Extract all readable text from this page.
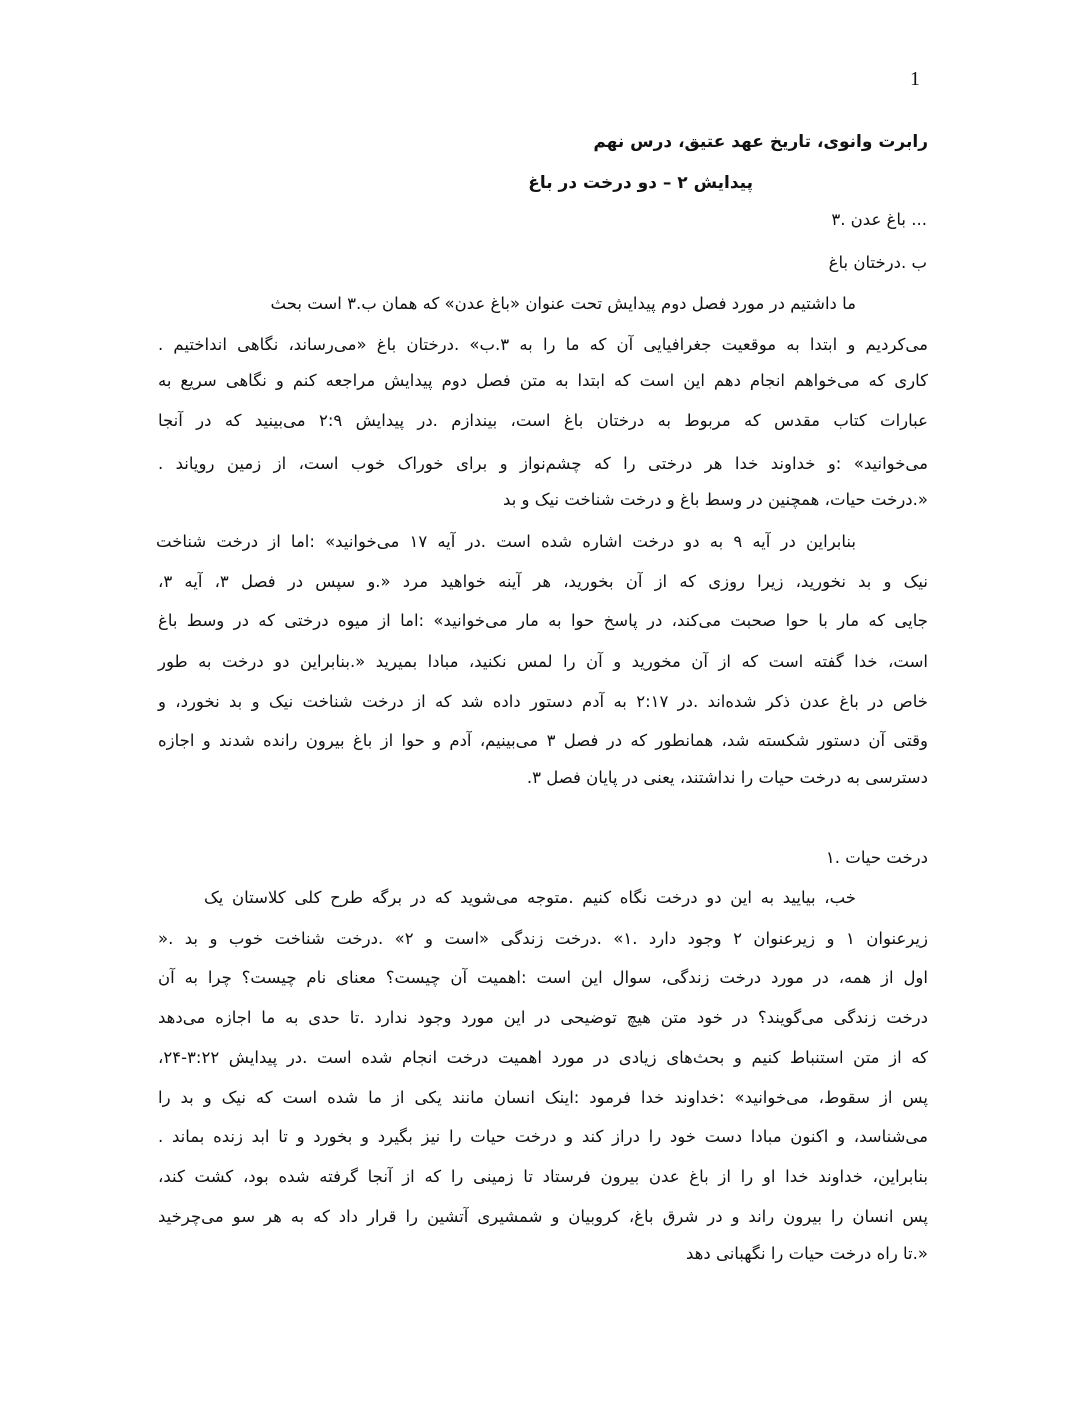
1
رابرت وانوی، تاریخ عهد عتیق، درس نهم
پیدایش ۲ – دو درخت در باغ
... باغ عدن .۳
ب .درختان باغ
ما داشتیم در مورد فصل دوم پیدایش تحت عنوان «باغ عدن» که همان ب.۳ است بحث
می‌کردیم و ابتدا به موقعیت جغرافیایی آن که ما را به ۳.ب» .درختان باغ «می‌رساند، نگاهی انداختیم .
کاری که می‌خواهم انجام دهم این است که ابتدا به متن فصل دوم پیدایش مراجعه کنم و نگاهی سریع به
عبارات کتاب مقدس که مربوط به درختان باغ است، بیندازم .در پیدایش ۲:۹ می‌بینید که در آنجا
می‌خوانید» :و خداوند خدا هر درختی را که چشم‌نواز و برای خوراک خوب است، از زمین رویاند .
«.درخت حیات، همچنین در وسط باغ و درخت شناخت نیک و بد
بنابراین در آیه ۹ به دو درخت اشاره شده است .در آیه ۱۷ می‌خوانید» :اما از درخت شناخت
نیک و بد نخورید، زیرا روزی که از آن بخورید، هر آینه خواهید مرد «.و سپس در فصل ۳، آیه ۳،
جایی که مار با حوا صحبت می‌کند، در پاسخ حوا به مار می‌خوانید» :اما از میوه درختی که در وسط باغ
است، خدا گفته است که از آن مخورید و آن را لمس نکنید، مبادا بمیرید «.بنابراین دو درخت به طور
خاص در باغ عدن ذکر شده‌اند .در ۲:۱۷ به آدم دستور داده شد که از درخت شناخت نیک و بد نخورد، و
وقتی آن دستور شکسته شد، همانطور که در فصل ۳ می‌بینیم، آدم و حوا از باغ بیرون رانده شدند و اجازه
دسترسی به درخت حیات را نداشتند، یعنی در پایان فصل ۳.
درخت حیات .۱
خب، بیایید به این دو درخت نگاه کنیم .متوجه می‌شوید که در برگه طرح کلی کلاستان یک
زیرعنوان ۱ و زیرعنوان ۲ وجود دارد .۱» .درخت زندگی «است و ۲» .درخت شناخت خوب و بد .«
اول از همه، در مورد درخت زندگی، سوال این است :اهمیت آن چیست؟ معنای نام چیست؟ چرا به آن
درخت زندگی می‌گویند؟ در خود متن هیچ توضیحی در این مورد وجود ندارد .تا حدی به ما اجازه می‌دهد
که از متن استنباط کنیم و بحث‌های زیادی در مورد اهمیت درخت انجام شده است .در پیدایش ۳:۲۲-۲۴،
پس از سقوط، می‌خوانید» :خداوند خدا فرمود :اینک انسان مانند یکی از ما شده است که نیک و بد را
می‌شناسد، و اکنون مبادا دست خود را دراز کند و درخت حیات را نیز بگیرد و بخورد و تا ابد زنده بماند .
بنابراین، خداوند خدا او را از باغ عدن بیرون فرستاد تا زمینی را که از آنجا گرفته شده بود، کشت کند،
پس انسان را بیرون راند و در شرق باغ، کروبیان و شمشیری آتشین را قرار داد که به هر سو می‌چرخید
«.تا راه درخت حیات را نگهبانی دهد
